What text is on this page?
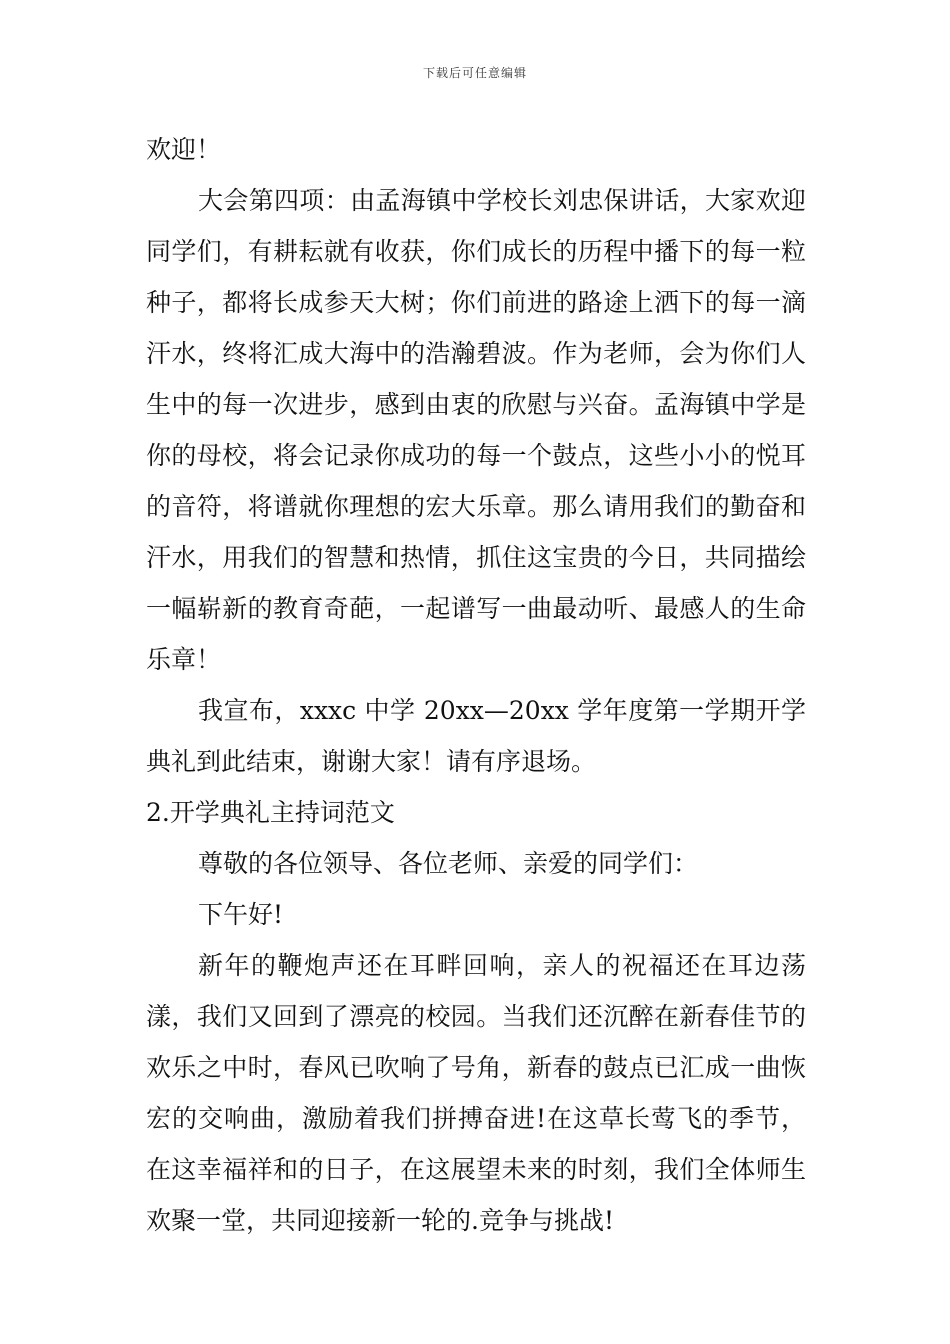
下载后可任意编辑

欢迎！

大会第四项：由孟海镇中学校长刘忠保讲话，大家欢迎同学们，有耕耘就有收获，你们成长的历程中播下的每一粒种子，都将长成参天大树；你们前进的路途上洒下的每一滴汗水，终将汇成大海中的浩瀚碧波。作为老师，会为你们人生中的每一次进步，感到由衷的欣慰与兴奋。孟海镇中学是你的母校，将会记录你成功的每一个鼓点，这些小小的悦耳的音符，将谱就你理想的宏大乐章。那么请用我们的勤奋和汗水，用我们的智慧和热情，抓住这宝贵的今日，共同描绘一幅崭新的教育奇葩，一起谱写一曲最动听、最感人的生命乐章！

我宣布，xxxc 中学 20xx—20xx 学年度第一学期开学典礼到此结束，谢谢大家！请有序退场。

2.开学典礼主持词范文

尊敬的各位领导、各位老师、亲爱的同学们：

下午好!

新年的鞭炮声还在耳畔回响，亲人的祝福还在耳边荡漾，我们又回到了漂亮的校园。当我们还沉醉在新春佳节的欢乐之中时，春风已吹响了号角，新春的鼓点已汇成一曲恢宏的交响曲，激励着我们拼搏奋进!在这草长莺飞的季节，在这幸福祥和的日子，在这展望未来的时刻，我们全体师生欢聚一堂，共同迎接新一轮的.竞争与挑战!
